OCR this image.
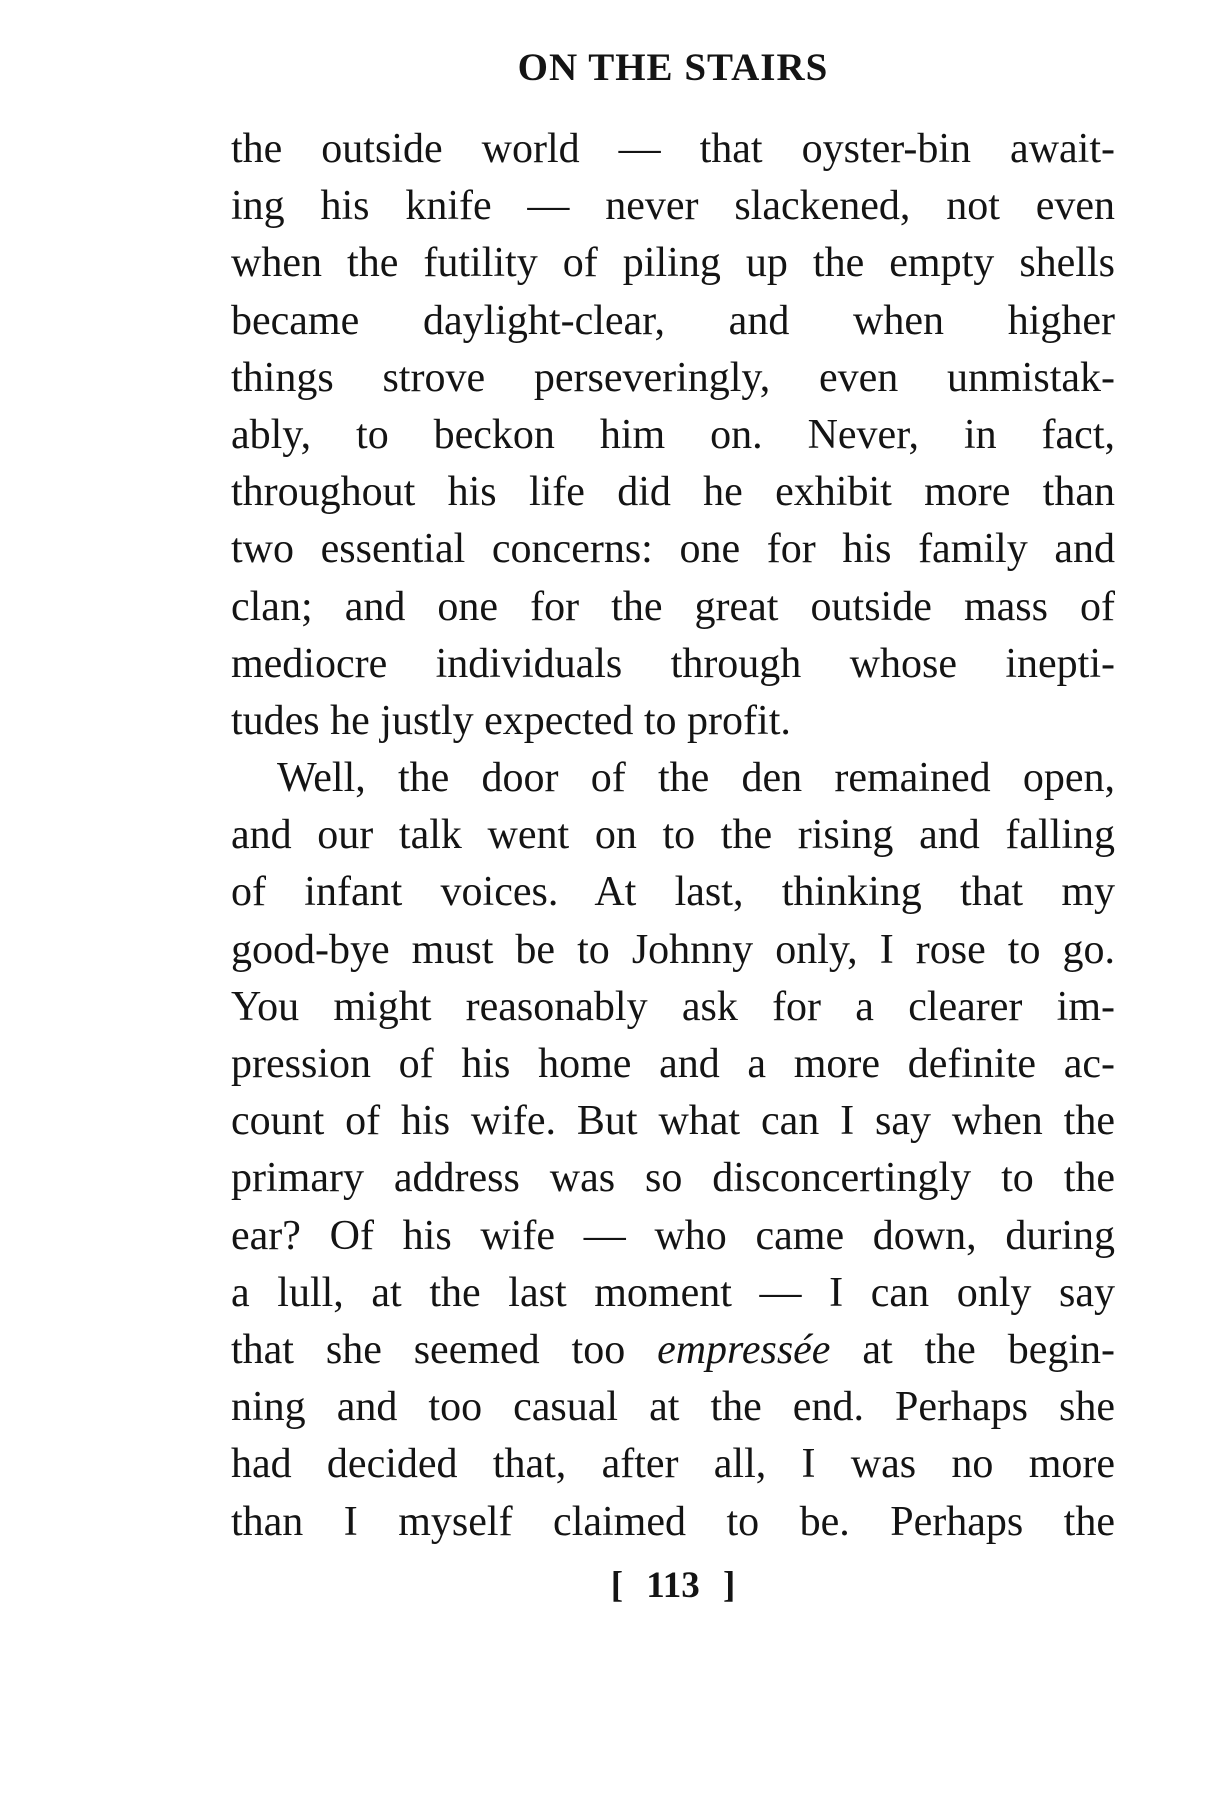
ON THE STAIRS
the outside world — that oyster-bin await-
ing his knife — never slackened, not even
when the futility of piling up the empty shells
became daylight-clear, and when higher
things strove perseveringly, even unmistak-
ably, to beckon him on. Never, in fact,
throughout his life did he exhibit more than
two essential concerns: one for his family and
clan; and one for the great outside mass of
mediocre individuals through whose inepti-
tudes he justly expected to profit.
Well, the door of the den remained open,
and our talk went on to the rising and falling
of infant voices. At last, thinking that my
good-bye must be to Johnny only, I rose to go.
You might reasonably ask for a clearer im-
pression of his home and a more definite ac-
count of his wife. But what can I say when the
primary address was so disconcertingly to the
ear? Of his wife — who came down, during
a lull, at the last moment — I can only say
that she seemed too empressée at the begin-
ning and too casual at the end. Perhaps she
had decided that, after all, I was no more
than I myself claimed to be. Perhaps the
[ 113 ]
